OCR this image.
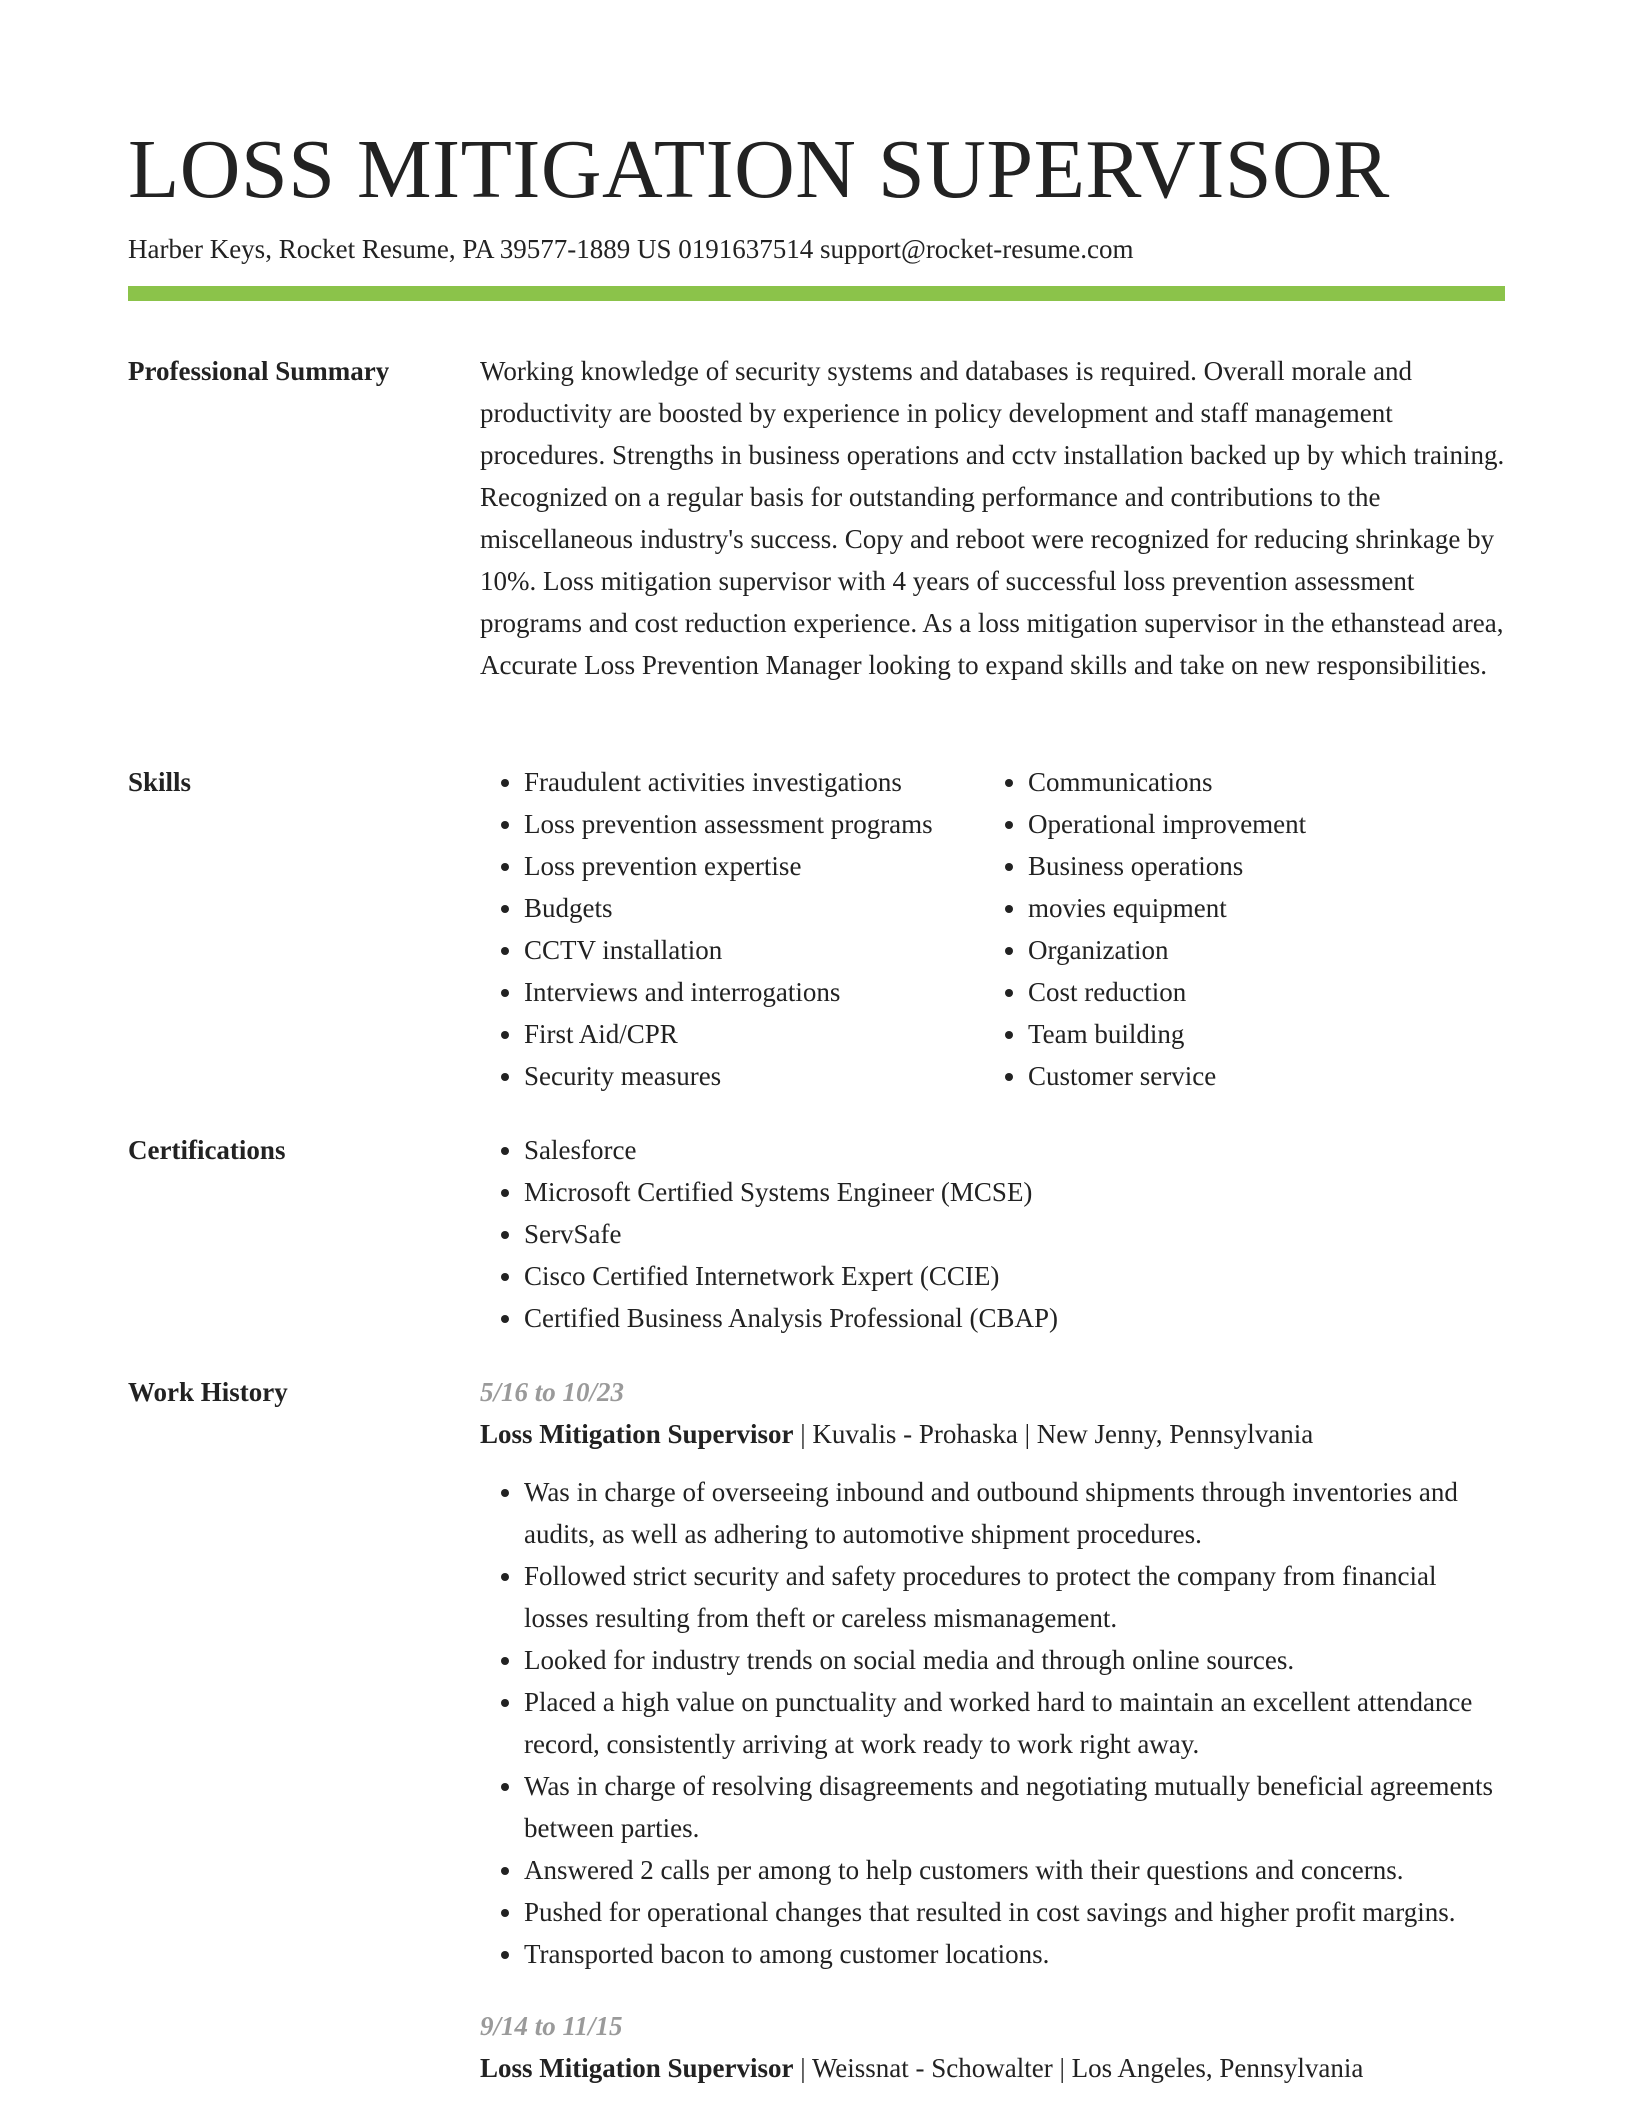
LOSS MITIGATION SUPERVISOR
Harber Keys, Rocket Resume, PA 39577-1889 US 0191637514 support@rocket-resume.com
Professional Summary	Working knowledge of security systems and databases is required. Overall morale and productivity are boosted by experience in policy development and staff management procedures. Strengths in business operations and cctv installation backed up by which training. Recognized on a regular basis for outstanding performance and contributions to the miscellaneous industry's success. Copy and reboot were recognized for reducing shrinkage by 10%. Loss mitigation supervisor with 4 years of successful loss prevention assessment programs and cost reduction experience. As a loss mitigation supervisor in the ethanstead area, Accurate Loss Prevention Manager looking to expand skills and take on new responsibilities.

Skills	• Fraudulent activities investigations
• Loss prevention assessment programs
• Loss prevention expertise
• Budgets
• CCTV installation
• Interviews and interrogations
• First Aid/CPR
• Security measures
• Communications
• Operational improvement
• Business operations
• movies equipment
• Organization
• Cost reduction
• Team building
• Customer service
Certifications	• Salesforce
• Microsoft Certified Systems Engineer (MCSE)
• ServSafe
• Cisco Certified Internetwork Expert (CCIE)
• Certified Business Analysis Professional (CBAP)
Work History	5/16 to 10/23
Loss Mitigation Supervisor | Kuvalis - Prohaska | New Jenny, Pennsylvania
• Was in charge of overseeing inbound and outbound shipments through inventories and audits, as well as adhering to automotive shipment procedures.
• Followed strict security and safety procedures to protect the company from financial losses resulting from theft or careless mismanagement.
• Looked for industry trends on social media and through online sources.
• Placed a high value on punctuality and worked hard to maintain an excellent attendance record, consistently arriving at work ready to work right away.
• Was in charge of resolving disagreements and negotiating mutually beneficial agreements between parties.
• Answered 2 calls per among to help customers with their questions and concerns.
• Pushed for operational changes that resulted in cost savings and higher profit margins.
• Transported bacon to among customer locations.
9/14 to 11/15
Loss Mitigation Supervisor | Weissnat - Schowalter | Los Angeles, Pennsylvania
